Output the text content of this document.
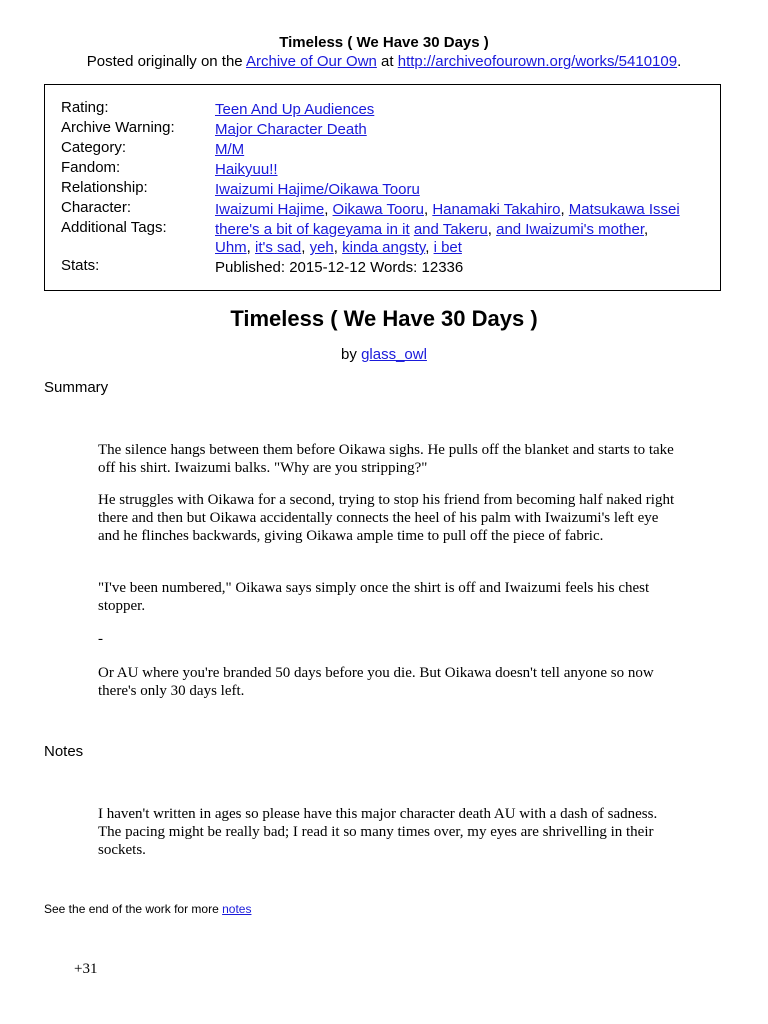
Timeless ( We Have 30 Days )
Posted originally on the Archive of Our Own at http://archiveofourown.org/works/5410109.
Rating:	Teen And Up Audiences
Archive Warning:	Major Character Death
Category:	M/M
Fandom:	Haikyuu!!
Relationship:	Iwaizumi Hajime/Oikawa Tooru
Character:	Iwaizumi Hajime, Oikawa Tooru, Hanamaki Takahiro, Matsukawa Issei
Additional Tags:	there's a bit of kageyama in it and Takeru, and Iwaizumi's mother,
Uhm, it's sad, yeh, kinda angsty, i bet
Stats:	Published: 2015-12-12 Words: 12336
Timeless ( We Have 30 Days )
by glass_owl
Summary

The silence hangs between them before Oikawa sighs. He pulls off the blanket and starts to take off his shirt. Iwaizumi balks. "Why are you stripping?"

He struggles with Oikawa for a second, trying to stop his friend from becoming half naked right there and then but Oikawa accidentally connects the heel of his palm with Iwaizumi's left eye and he flinches backwards, giving Oikawa ample time to pull off the piece of fabric.

"I've been numbered," Oikawa says simply once the shirt is off and Iwaizumi feels his chest stopper.

-

Or AU where you're branded 50 days before you die. But Oikawa doesn't tell anyone so now there's only 30 days left.

Notes

I haven't written in ages so please have this major character death AU with a dash of sadness. The pacing might be really bad; I read it so many times over, my eyes are shrivelling in their sockets.

See the end of the work for more notes
+31
